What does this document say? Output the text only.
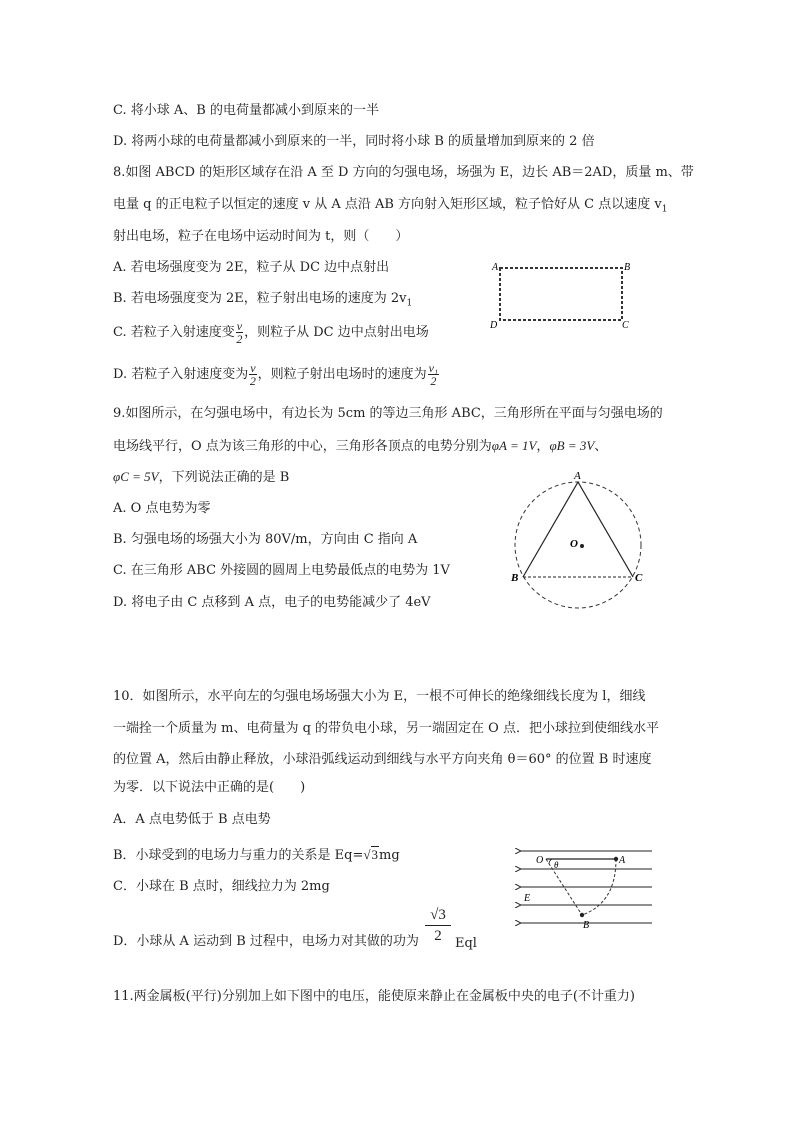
C. 将小球 A、B 的电荷量都减小到原来的一半
D. 将两小球的电荷量都减小到原来的一半，同时将小球 B 的质量增加到原来的 2 倍
8.如图 ABCD 的矩形区域存在沿 A 至 D 方向的匀强电场，场强为 E，边长 AB＝2AD，质量 m、带
电量 q 的正电粒子以恒定的速度 v 从 A 点沿 AB 方向射入矩形区域，粒子恰好从 C 点以速度 $v_1$
射出电场，粒子在电场中运动时间为 t，则（　　）
A. 若电场强度变为 2E，粒子从 DC 边中点射出
B. 若电场强度变为 2E，粒子射出电场的速度为 $2v_1$
C. 若粒子入射速度变 $\frac{v}{2}$ ，则粒子从 DC 边中点射出电场
D. 若粒子入射速度变为 $\frac{v}{2}$ ，则粒子射出电场时的速度为 $\frac{\text{v₁}}{2}$
A	B
D	C
9.如图所示，在匀强电场中，有边长为 5cm 的等边三角形 ABC，三角形所在平面与匀强电场的
电场线平行，O 点为该三角形的中心，三角形各顶点的电势分别为φA = 1V，φB = 3V、
φC = 5V，下列说法正确的是 B
A. O 点电势为零
B. 匀强电场的场强大小为 80V/m，方向由 C 指向 A
C. 在三角形 ABC 外接圆的圆周上电势最低点的电势为 1V
D. 将电子由 C 点移到 A 点，电子的电势能减少了 4eV
A
B	C
O
10．如图所示，水平向左的匀强电场场强大小为 E，一根不可伸长的绝缘细线长度为 l，细线
一端拴一个质量为 m、电荷量为 q 的带负电小球，另一端固定在 O 点．把小球拉到使细线水平
的位置 A，然后由静止释放，小球沿弧线运动到细线与水平方向夹角 θ＝60° 的位置 B 时速度
为零．以下说法中正确的是(　　)
A．A 点电势低于 B 点电势
B．小球受到的电场力与重力的关系是 Eq=√3mg
C．小球在 B 点时，细线拉力为 2mg
D．小球从 A 运动到 B 过程中，电场力对其做的功为
√3
2	Eql
O θ	A
E
B
11.两金属板(平行)分别加上如下图中的电压，能使原来静止在金属板中央的电子(不计重力)
